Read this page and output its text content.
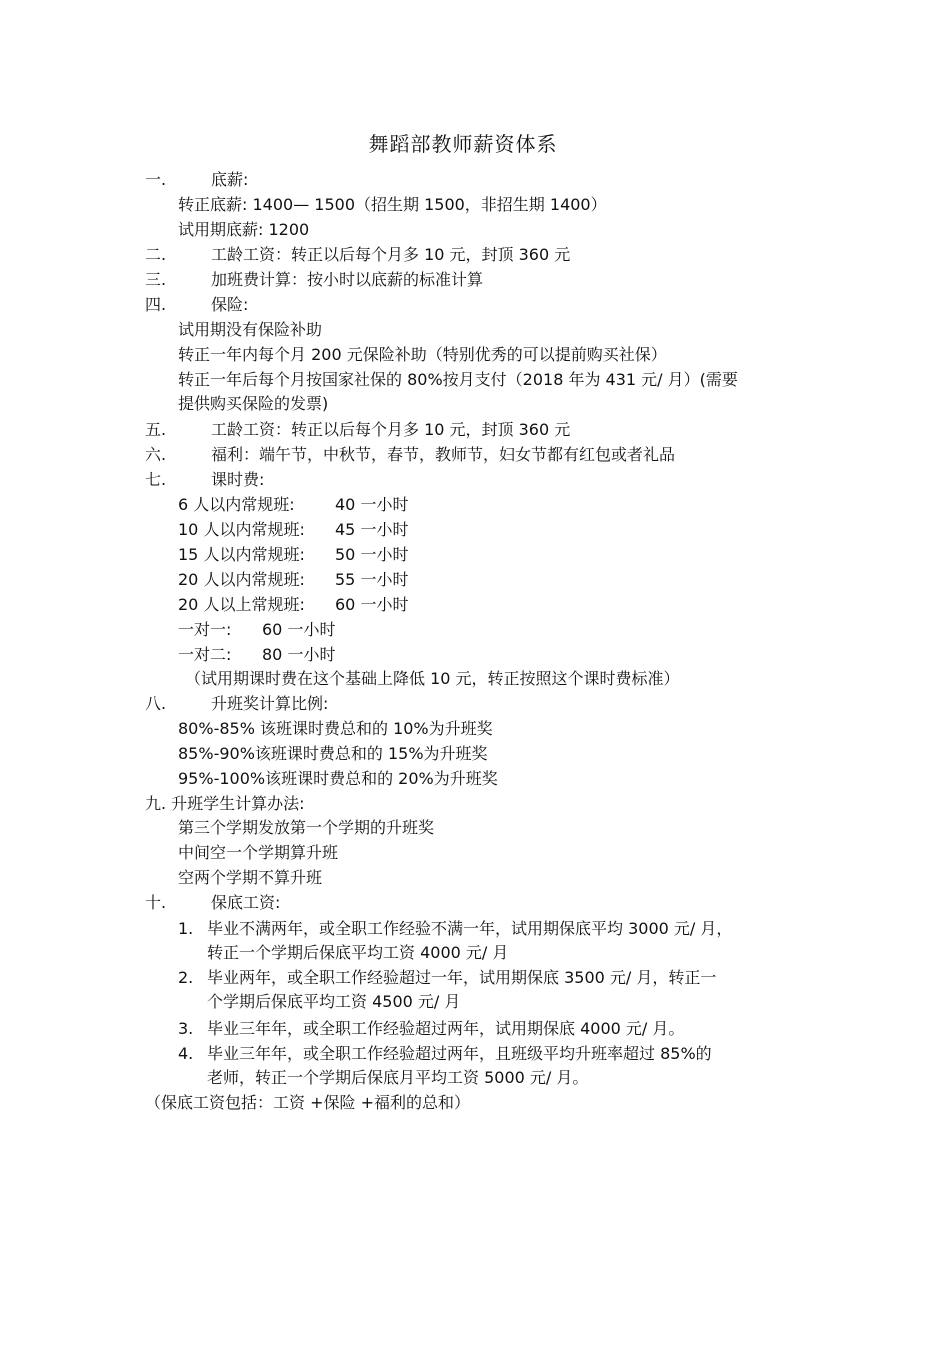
舞蹈部教师薪资体系
一.	底薪:
转正底薪: 1400— 1500（招生期 1500，非招生期 1400）
试用期底薪: 1200
二.	工龄工资：转正以后每个月多 10 元，封顶 360 元
三.	加班费计算：按小时以底薪的标准计算
四.	保险:
试用期没有保险补助
转正一年内每个月 200 元保险补助（特别优秀的可以提前购买社保）
转正一年后每个月按国家社保的 80%按月支付（2018 年为 431 元/ 月）(需要
提供购买保险的发票)
五.	工龄工资：转正以后每个月多 10 元，封顶 360 元
六.	福利：端午节，中秋节，春节，教师节，妇女节都有红包或者礼品
七.	课时费:
6 人以内常规班:	40 一小时
10 人以内常规班: 45 一小时
15 人以内常规班: 50 一小时
20 人以内常规班: 55 一小时
20 人以上常规班: 60 一小时
一对一: 60 一小时
一对二: 80 一小时
（试用期课时费在这个基础上降低 10 元，转正按照这个课时费标准）
八.	升班奖计算比例:
80%-85% 该班课时费总和的 10%为升班奖
85%-90%该班课时费总和的 15%为升班奖
95%-100%该班课时费总和的 20%为升班奖
九. 升班学生计算办法:
第三个学期发放第一个学期的升班奖
中间空一个学期算升班
空两个学期不算升班
十.	保底工资:
1. 毕业不满两年，或全职工作经验不满一年，试用期保底平均 3000 元/ 月，
转正一个学期后保底平均工资 4000 元/ 月
2. 毕业两年，或全职工作经验超过一年，试用期保底 3500 元/ 月，转正一
个学期后保底平均工资 4500 元/ 月
3. 毕业三年年，或全职工作经验超过两年，试用期保底 4000 元/ 月。
4. 毕业三年年，或全职工作经验超过两年，且班级平均升班率超过 85%的
老师，转正一个学期后保底月平均工资 5000 元/ 月。
（保底工资包括：工资 +保险 +福利的总和）
